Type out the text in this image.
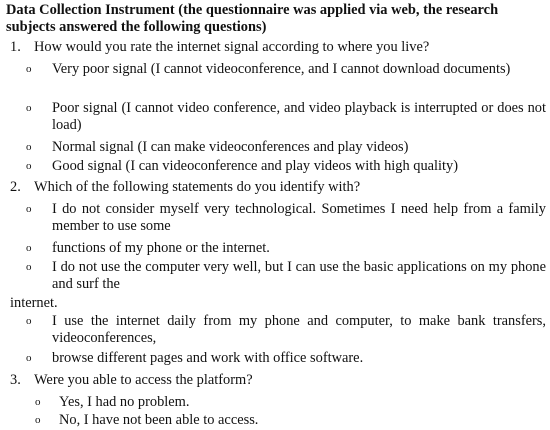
Data Collection Instrument (the questionnaire was applied via web, the research subjects answered the following questions)
1. How would you rate the internet signal according to where you live?
o	Very poor signal (I cannot videoconference, and I cannot download documents)
o	Poor signal (I cannot video conference, and video playback is interrupted or does not load)
o	Normal signal (I can make videoconferences and play videos)
o	Good signal (I can videoconference and play videos with high quality)
2. Which of the following statements do you identify with?
o	I do not consider myself very technological. Sometimes I need help from a family member to use some
o	functions of my phone or the internet.
o	I do not use the computer very well, but I can use the basic applications on my phone and surf the
internet.
o	I use the internet daily from my phone and computer, to make bank transfers, videoconferences,
o	browse different pages and work with office software.
3. Were you able to access the platform?
o	Yes, I had no problem.
o	No, I have not been able to access.
